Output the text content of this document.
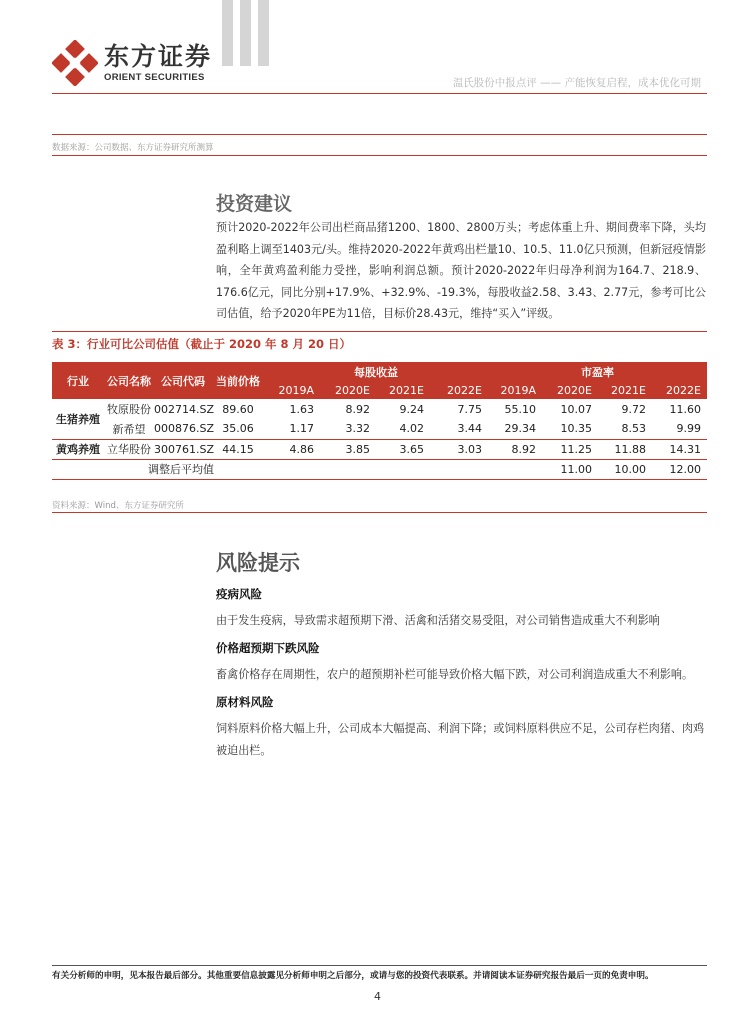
东方证券
ORIENT SECURITIES	温氏股份中报点评 —— 产能恢复启程，成本优化可期
数据来源：公司数据、东方证券研究所测算
投资建议

预计2020-2022年公司出栏商品猪1200、1800、2800万头；考虑体重上升、期间费率下降，头均盈利略上调至1403元/头。维持2020-2022年黄鸡出栏量10、10.5、11.0亿只预测，但新冠疫情影响，全年黄鸡盈利能力受挫，影响利润总额。预计2020-2022年归母净利润为164.7、218.9、176.6亿元，同比分别+17.9%、+32.9%、-19.3%，每股收益2.58、3.43、2.77元，参考可比公司估值，给予2020年PE为11倍，目标价28.43元，维持“买入”评级。

表 3：行业可比公司估值（截止于 2020 年 8 月 20 日）
行业	公司名称	公司代码	当前价格	每股收益				市盈率			
				2019A	2020E	2021E	2022E	2019A	2020E	2021E	2022E
生猪养殖	牧原股份	002714.SZ	89.60	1.63	8.92	9.24	7.75	55.10	10.07	9.72	11.60
	新希望	000876.SZ	35.06	1.17	3.32	4.02	3.44	29.34	10.35	8.53	9.99
黄鸡养殖	立华股份	300761.SZ	44.15	4.86	3.85	3.65	3.03	8.92	11.25	11.88	14.31
	调整后平均值								11.00	10.00	12.00
资料来源：Wind、东方证券研究所
风险提示
疫病风险
由于发生疫病，导致需求超预期下滑、活禽和活猪交易受阻，对公司销售造成重大不利影响
价格超预期下跌风险
畜禽价格存在周期性，农户的超预期补栏可能导致价格大幅下跌，对公司利润造成重大不利影响。
原材料风险
饲料原料价格大幅上升，公司成本大幅提高、利润下降；或饲料原料供应不足，公司存栏肉猪、肉鸡被迫出栏。
有关分析师的申明，见本报告最后部分。其他重要信息披露见分析师申明之后部分，或请与您的投资代表联系。并请阅读本证券研究报告最后一页的免责申明。
4
